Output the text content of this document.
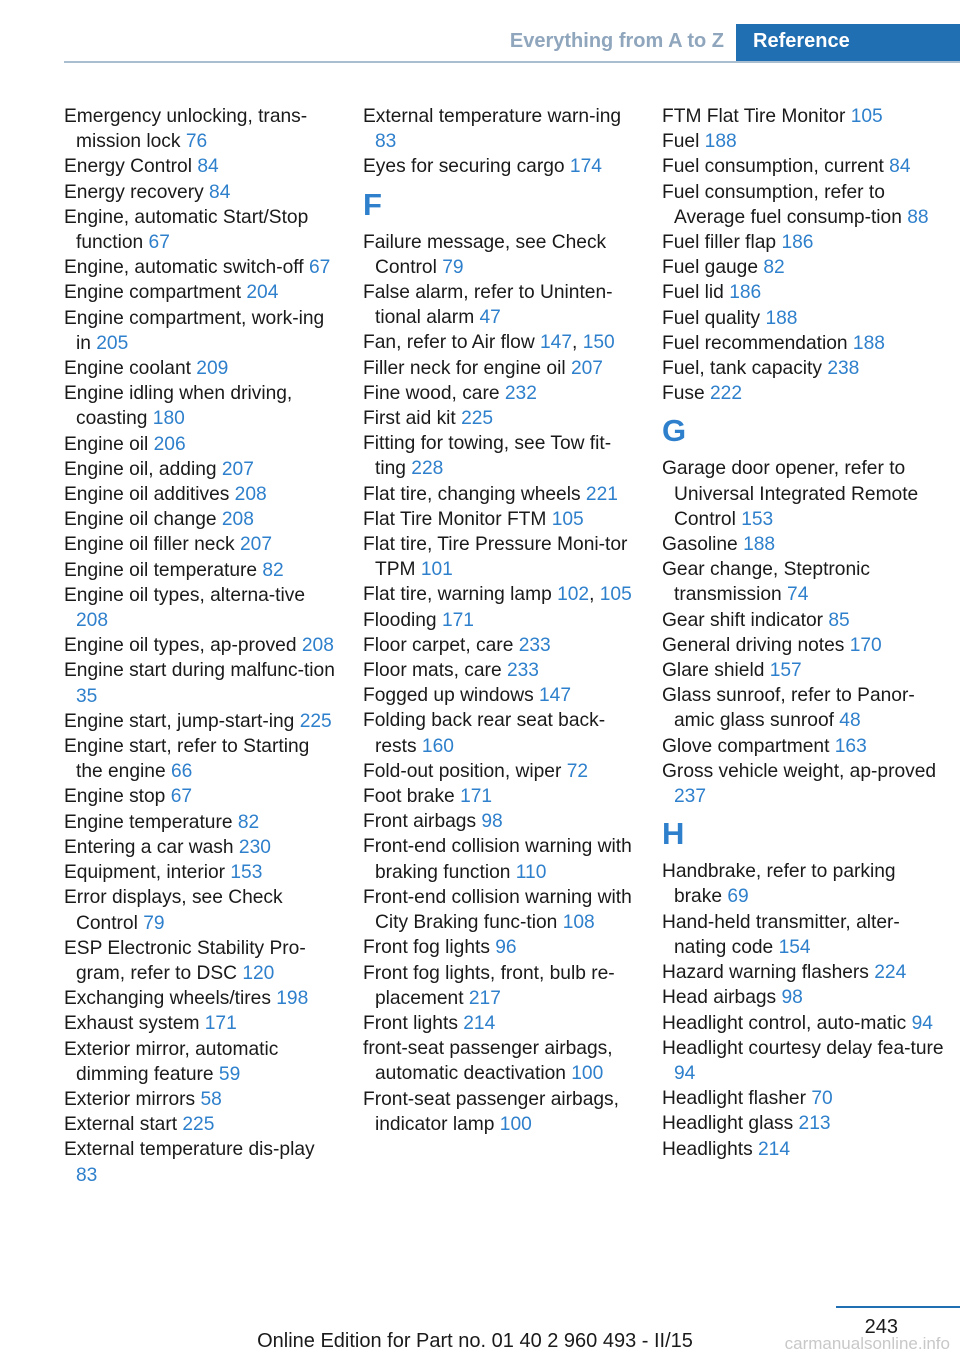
Everything from A to Z	Reference
Emergency unlocking, trans-mission lock 76
Energy Control 84
Energy recovery 84
Engine, automatic Start/Stop function 67
Engine, automatic switch-off 67
Engine compartment 204
Engine compartment, work-ing in 205
Engine coolant 209
Engine idling when driving, coasting 180
Engine oil 206
Engine oil, adding 207
Engine oil additives 208
Engine oil change 208
Engine oil filler neck 207
Engine oil temperature 82
Engine oil types, alterna-tive 208
Engine oil types, ap-proved 208
Engine start during malfunc-tion 35
Engine start, jump-start-ing 225
Engine start, refer to Starting the engine 66
Engine stop 67
Engine temperature 82
Entering a car wash 230
Equipment, interior 153
Error displays, see Check Control 79
ESP Electronic Stability Pro-gram, refer to DSC 120
Exchanging wheels/tires 198
Exhaust system 171
Exterior mirror, automatic dimming feature 59
Exterior mirrors 58
External start 225
External temperature dis-play 83
External temperature warn-ing 83
Eyes for securing cargo 174
F
Failure message, see Check Control 79
False alarm, refer to Uninten-tional alarm 47
Fan, refer to Air flow 147, 150
Filler neck for engine oil 207
Fine wood, care 232
First aid kit 225
Fitting for towing, see Tow fit-ting 228
Flat tire, changing wheels 221
Flat Tire Monitor FTM 105
Flat tire, Tire Pressure Moni-tor TPM 101
Flat tire, warning lamp 102, 105
Flooding 171
Floor carpet, care 233
Floor mats, care 233
Fogged up windows 147
Folding back rear seat back-rests 160
Fold-out position, wiper 72
Foot brake 171
Front airbags 98
Front-end collision warning with braking function 110
Front-end collision warning with City Braking func-tion 108
Front fog lights 96
Front fog lights, front, bulb re-placement 217
Front lights 214
front-seat passenger airbags, automatic deactivation 100
Front-seat passenger airbags, indicator lamp 100
FTM Flat Tire Monitor 105
Fuel 188
Fuel consumption, current 84
Fuel consumption, refer to Average fuel consump-tion 88
Fuel filler flap 186
Fuel gauge 82
Fuel lid 186
Fuel quality 188
Fuel recommendation 188
Fuel, tank capacity 238
Fuse 222
G
Garage door opener, refer to Universal Integrated Remote Control 153
Gasoline 188
Gear change, Steptronic transmission 74
Gear shift indicator 85
General driving notes 170
Glare shield 157
Glass sunroof, refer to Panor-amic glass sunroof 48
Glove compartment 163
Gross vehicle weight, ap-proved 237
H
Handbrake, refer to parking brake 69
Hand-held transmitter, alter-nating code 154
Hazard warning flashers 224
Head airbags 98
Headlight control, auto-matic 94
Headlight courtesy delay fea-ture 94
Headlight flasher 70
Headlight glass 213
Headlights 214
243
Online Edition for Part no. 01 40 2 960 493 - II/15	carmanualsonline.info
